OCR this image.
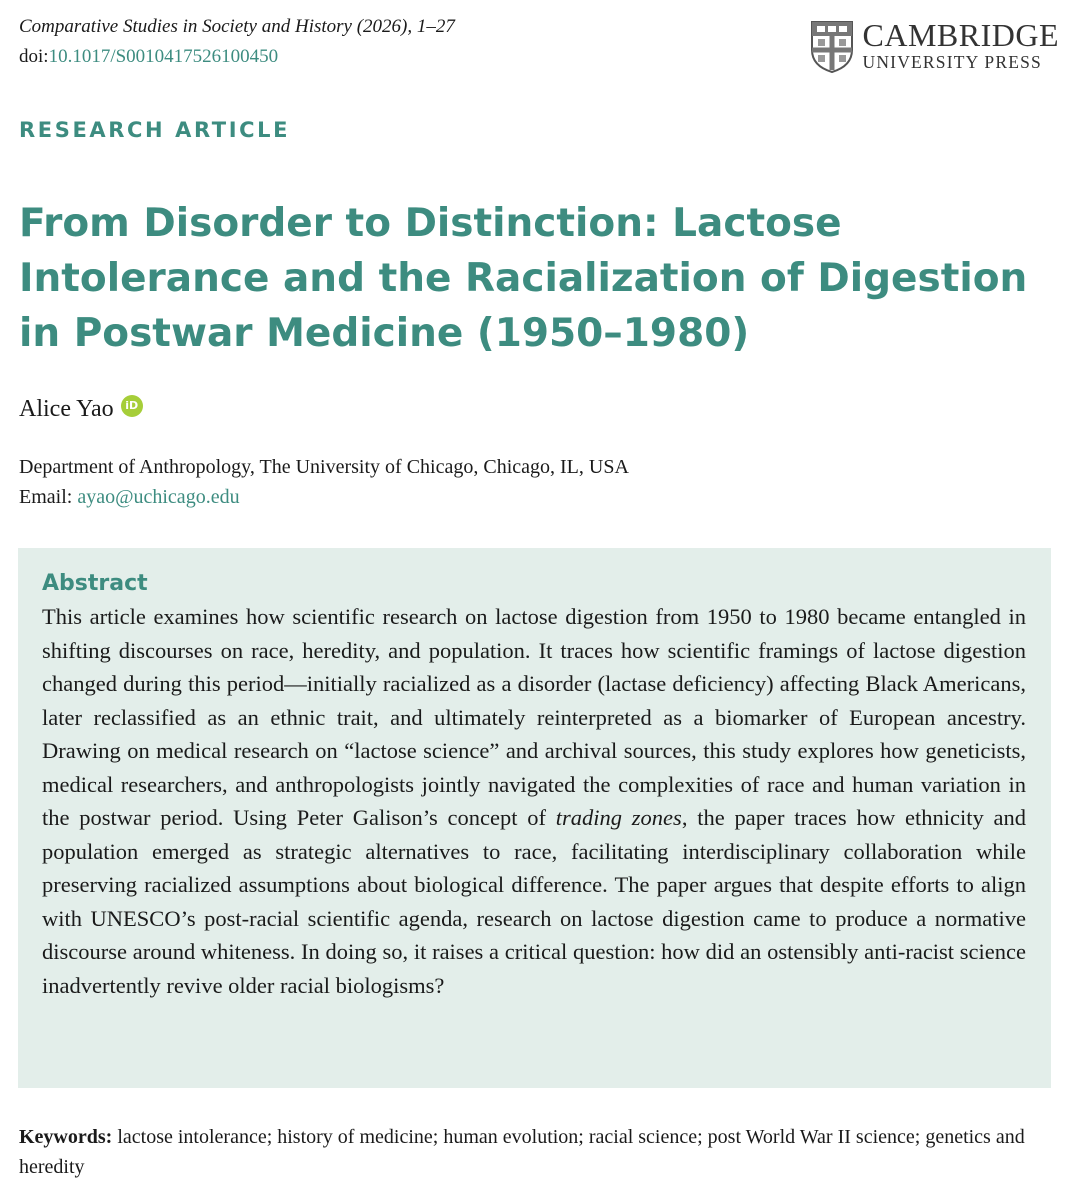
Comparative Studies in Society and History (2026), 1–27
doi:10.1017/S0010417526100450
CAMBRIDGE
UNIVERSITY PRESS
RESEARCH ARTICLE
From Disorder to Distinction: Lactose Intolerance and the Racialization of Digestion in Postwar Medicine (1950–1980)
Alice Yao	iD
Department of Anthropology, The University of Chicago, Chicago, IL, USA
Email: ayao@uchicago.edu
Abstract

This article examines how scientific research on lactose digestion from 1950 to 1980 became entangled in shifting discourses on race, heredity, and population. It traces how scientific framings of lactose digestion changed during this period—initially racialized as a disorder (lactase deficiency) affecting Black Americans, later reclassified as an ethnic trait, and ultimately reinterpreted as a biomarker of European ancestry. Drawing on medical research on “lactose science” and archival sources, this study explores how geneticists, medical researchers, and anthropologists jointly navigated the complexities of race and human variation in the postwar period. Using Peter Galison’s concept of trading zones, the paper traces how ethnicity and population emerged as strategic alternatives to race, facilitating interdisciplinary collaboration while preserving racialized assumptions about biological difference. The paper argues that despite efforts to align with UNESCO’s post-racial scientific agenda, research on lactose digestion came to produce a normative discourse around whiteness. In doing so, it raises a critical question: how did an ostensibly anti-racist science inadvertently revive older racial biologisms?

Keywords: lactose intolerance; history of medicine; human evolution; racial science; post World War II science; genetics and heredity
